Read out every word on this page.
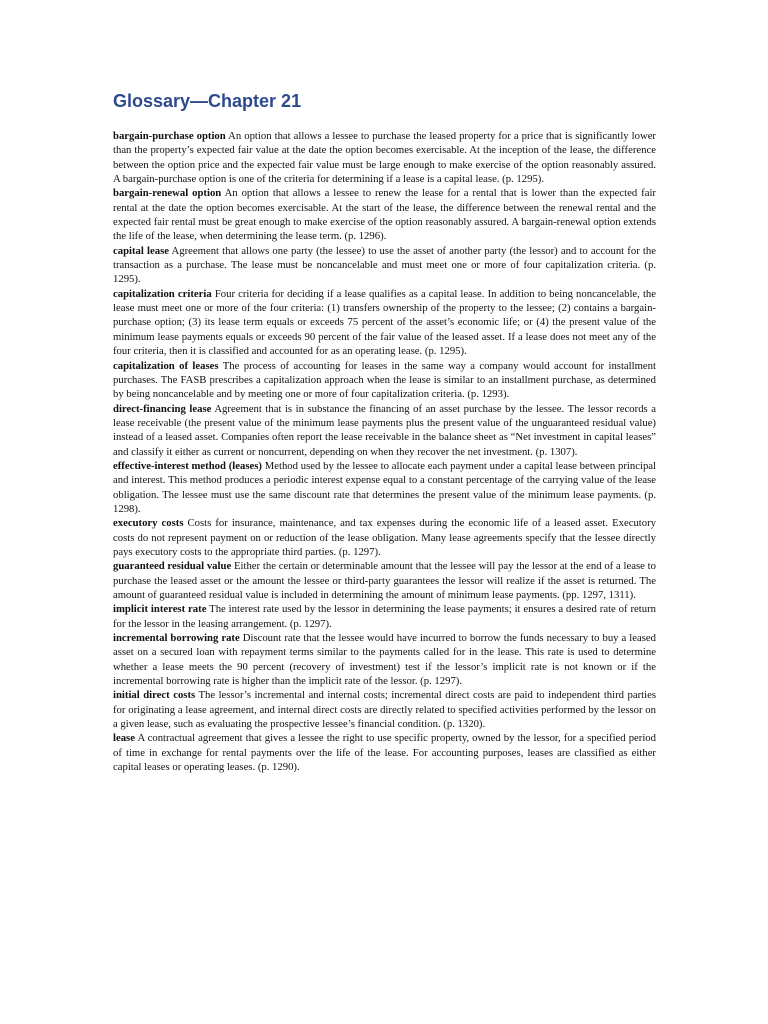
Glossary—Chapter 21

bargain-purchase option An option that allows a lessee to purchase the leased property for a price that is significantly lower than the property’s expected fair value at the date the option becomes exercisable. At the inception of the lease, the difference between the option price and the expected fair value must be large enough to make exercise of the option reasonably assured. A bargain-purchase option is one of the criteria for determining if a lease is a capital lease. (p. 1295).

bargain-renewal option An option that allows a lessee to renew the lease for a rental that is lower than the expected fair rental at the date the option becomes exercisable. At the start of the lease, the difference between the renewal rental and the expected fair rental must be great enough to make exercise of the option reasonably assured. A bargain-renewal option extends the life of the lease, when determining the lease term. (p. 1296).

capital lease Agreement that allows one party (the lessee) to use the asset of another party (the lessor) and to account for the transaction as a purchase. The lease must be noncancelable and must meet one or more of four capitalization criteria. (p. 1295).

capitalization criteria Four criteria for deciding if a lease qualifies as a capital lease. In addition to being noncancelable, the lease must meet one or more of the four criteria: (1) transfers ownership of the property to the lessee; (2) contains a bargain-purchase option; (3) its lease term equals or exceeds 75 percent of the asset’s economic life; or (4) the present value of the minimum lease payments equals or exceeds 90 percent of the fair value of the leased asset. If a lease does not meet any of the four criteria, then it is classified and accounted for as an operating lease. (p. 1295).

capitalization of leases The process of accounting for leases in the same way a company would account for installment purchases. The FASB prescribes a capitalization approach when the lease is similar to an installment purchase, as determined by being noncancelable and by meeting one or more of four capitalization criteria. (p. 1293).

direct-financing lease Agreement that is in substance the financing of an asset purchase by the lessee. The lessor records a lease receivable (the present value of the minimum lease payments plus the present value of the unguaranteed residual value) instead of a leased asset. Companies often report the lease receivable in the balance sheet as “Net investment in capital leases” and classify it either as current or noncurrent, depending on when they recover the net investment. (p. 1307).

effective-interest method (leases) Method used by the lessee to allocate each payment under a capital lease between principal and interest. This method produces a periodic interest expense equal to a constant percentage of the carrying value of the lease obligation. The lessee must use the same discount rate that determines the present value of the minimum lease payments. (p. 1298).

executory costs Costs for insurance, maintenance, and tax expenses during the economic life of a leased asset. Executory costs do not represent payment on or reduction of the lease obligation. Many lease agreements specify that the lessee directly pays executory costs to the appropriate third parties. (p. 1297).

guaranteed residual value Either the certain or determinable amount that the lessee will pay the lessor at the end of a lease to purchase the leased asset or the amount the lessee or third-party guarantees the lessor will realize if the asset is returned. The amount of guaranteed residual value is included in determining the amount of minimum lease payments. (pp. 1297, 1311).

implicit interest rate The interest rate used by the lessor in determining the lease payments; it ensures a desired rate of return for the lessor in the leasing arrangement. (p. 1297).

incremental borrowing rate Discount rate that the lessee would have incurred to borrow the funds necessary to buy a leased asset on a secured loan with repayment terms similar to the payments called for in the lease. This rate is used to determine whether a lease meets the 90 percent (recovery of investment) test if the lessor’s implicit rate is not known or if the incremental borrowing rate is higher than the implicit rate of the lessor. (p. 1297).

initial direct costs The lessor’s incremental and internal costs; incremental direct costs are paid to independent third parties for originating a lease agreement, and internal direct costs are directly related to specified activities performed by the lessor on a given lease, such as evaluating the prospective lessee’s financial condition. (p. 1320).

lease A contractual agreement that gives a lessee the right to use specific property, owned by the lessor, for a specified period of time in exchange for rental payments over the life of the lease. For accounting purposes, leases are classified as either capital leases or operating leases. (p. 1290).
